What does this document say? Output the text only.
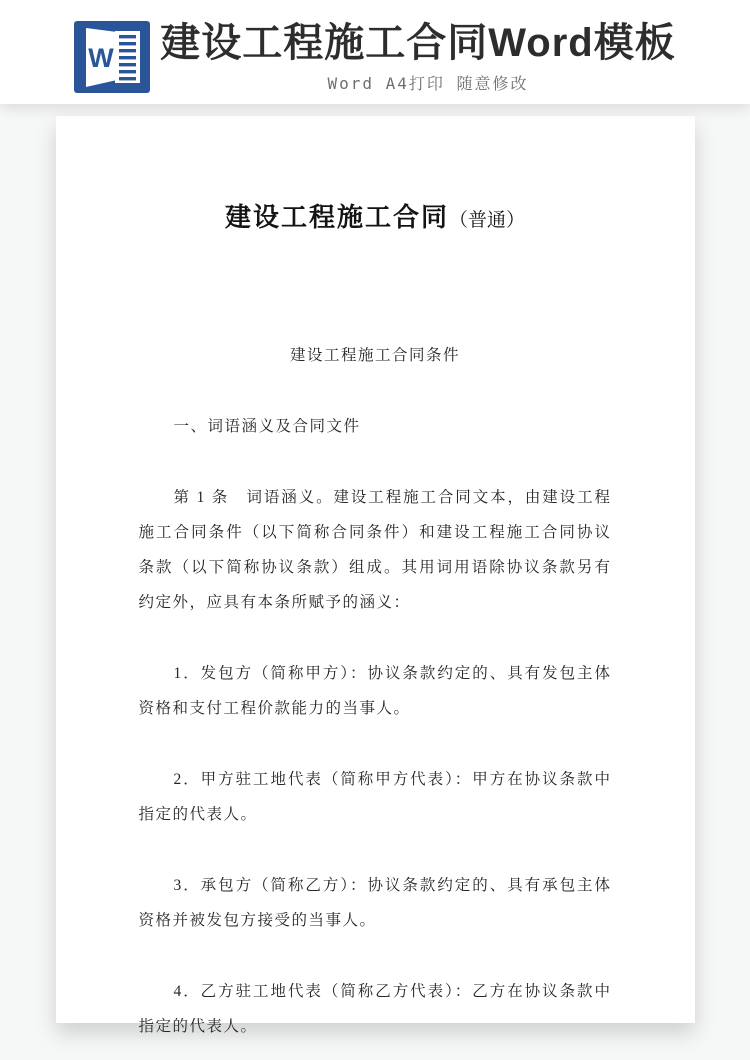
W 建设工程施工合同Word模板
Word A4打印 随意修改
建设工程施工合同（普通）

建设工程施工合同条件

一、词语涵义及合同文件

第 1 条　词语涵义。建设工程施工合同文本，由建设工程施工合同条件（以下简称合同条件）和建设工程施工合同协议条款（以下简称协议条款）组成。其用词用语除协议条款另有约定外，应具有本条所赋予的涵义：

1．发包方（简称甲方）：协议条款约定的、具有发包主体资格和支付工程价款能力的当事人。

2．甲方驻工地代表（简称甲方代表）：甲方在协议条款中指定的代表人。

3．承包方（简称乙方）：协议条款约定的、具有承包主体资格并被发包方接受的当事人。

4．乙方驻工地代表（简称乙方代表）：乙方在协议条款中指定的代表人。
